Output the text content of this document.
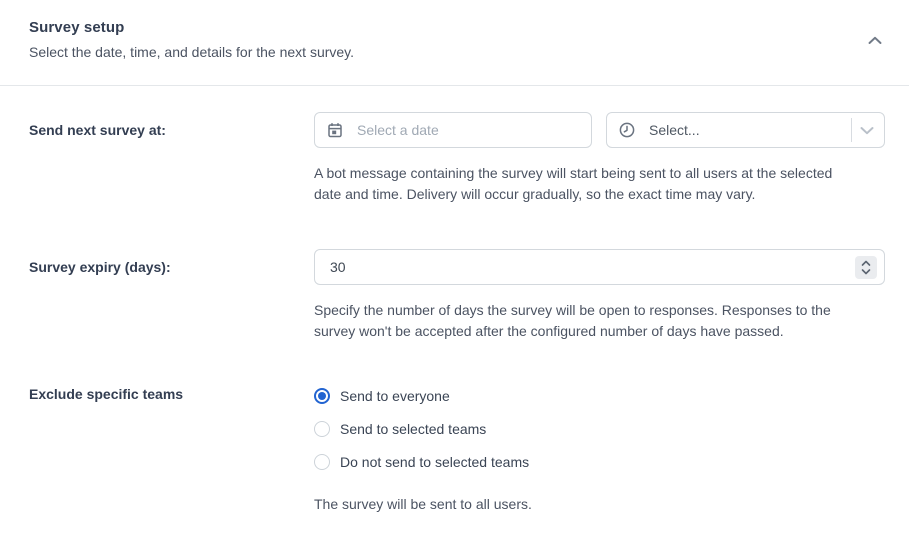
Survey setup
Select the date, time, and details for the next survey.
Send next survey at:	Select a date	Select...
A bot message containing the survey will start being sent to all users at the selected
date and time. Delivery will occur gradually, so the exact time may vary.
Survey expiry (days):
30
Specify the number of days the survey will be open to responses. Responses to the
survey won't be accepted after the configured number of days have passed.
Exclude specific teams	Send to everyone
Send to selected teams
Do not send to selected teams
The survey will be sent to all users.
